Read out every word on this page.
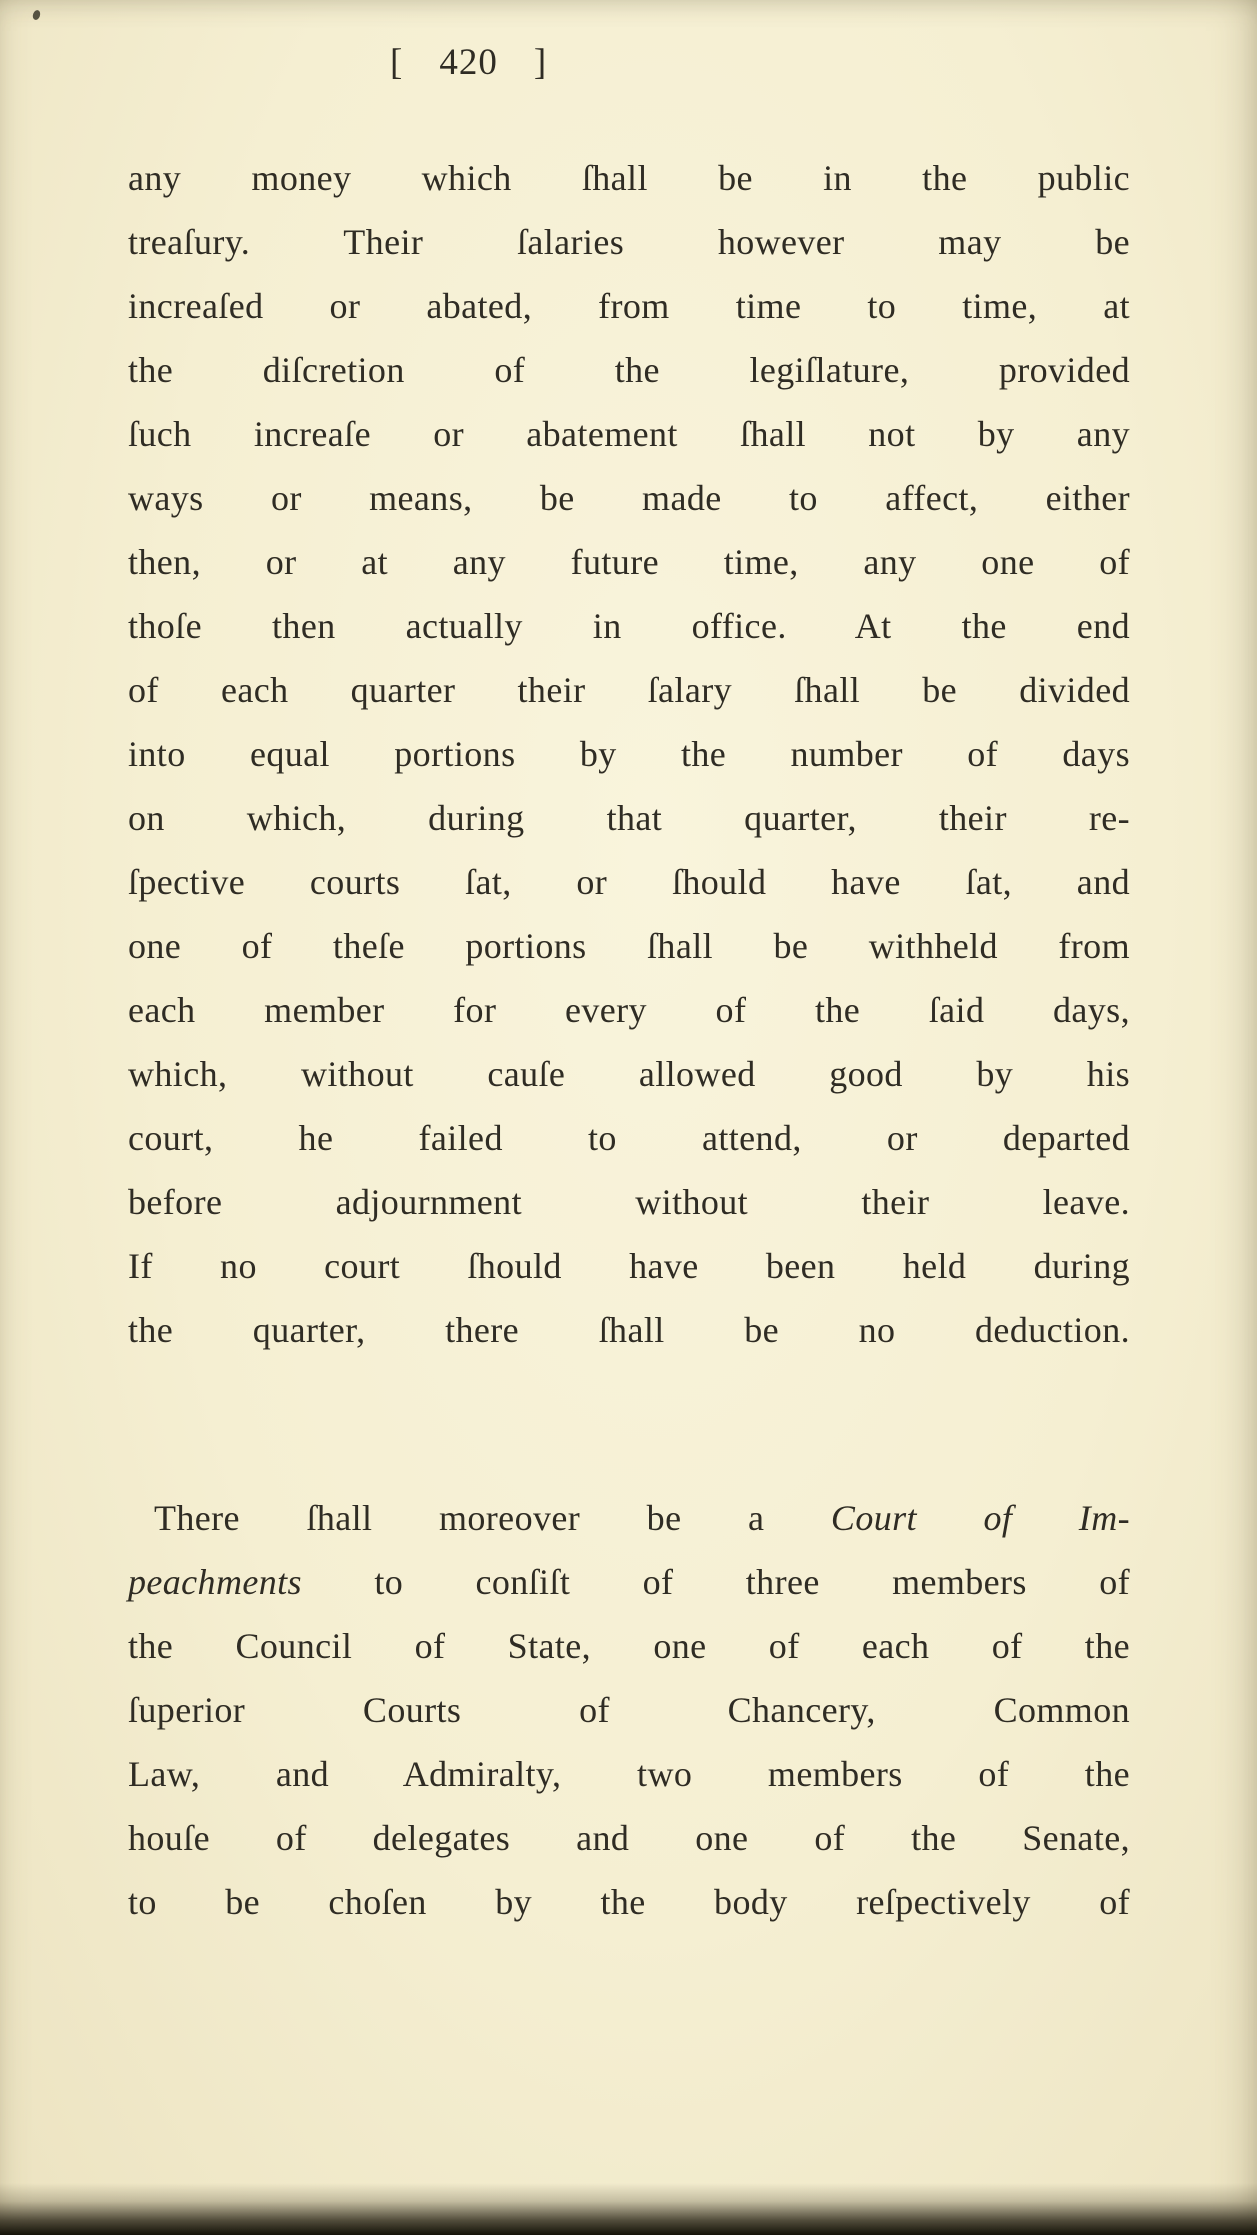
[ 420 ]
any money which ſhall be in the public
treaſury. Their ſalaries however may be
increaſed or abated, from time to time, at
the diſcretion of the legiſlature, provided
ſuch increaſe or abatement ſhall not by any
ways or means, be made to affect, either
then, or at any future time, any one of
thoſe then actually in office. At the end
of each quarter their ſalary ſhall be divided
into equal portions by the number of days
on which, during that quarter, their re-
ſpective courts ſat, or ſhould have ſat, and
one of theſe portions ſhall be withheld from
each member for every of the ſaid days,
which, without cauſe allowed good by his
court, he failed to attend, or departed
before adjournment without their leave.
If no court ſhould have been held during
the quarter, there ſhall be no deduction.
There ſhall moreover be a Court of Im-
peachments to conſiſt of three members of
the Council of State, one of each of the
ſuperior Courts of Chancery, Common
Law, and Admiralty, two members of the
houſe of delegates and one of the Senate,
to be choſen by the body reſpectively of
